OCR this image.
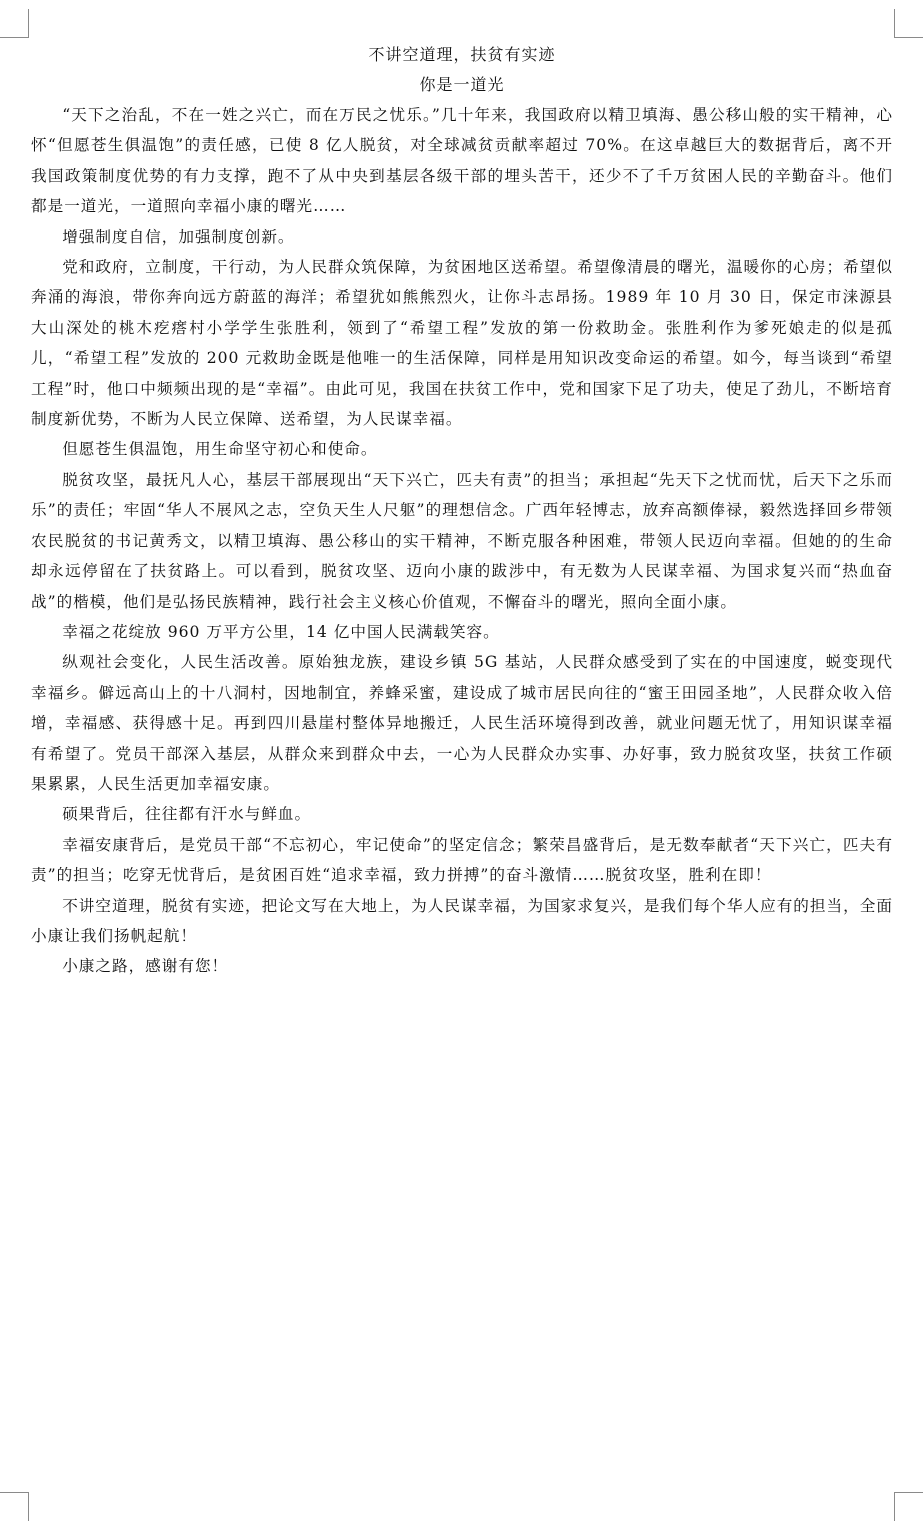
不讲空道理，扶贫有实迹

你是一道光

“天下之治乱，不在一姓之兴亡，而在万民之忧乐。”几十年来，我国政府以精卫填海、愚公移山般的实干精神，心怀“但愿苍生俱温饱”的责任感，已使 8 亿人脱贫，对全球减贫贡献率超过 70%。在这卓越巨大的数据背后，离不开我国政策制度优势的有力支撑，跑不了从中央到基层各级干部的埋头苦干，还少不了千万贫困人民的辛勤奋斗。他们都是一道光，一道照向幸福小康的曙光……

增强制度自信，加强制度创新。

党和政府，立制度，干行动，为人民群众筑保障，为贫困地区送希望。希望像清晨的曙光，温暖你的心房；希望似奔涌的海浪，带你奔向远方蔚蓝的海洋；希望犹如熊熊烈火，让你斗志昂扬。1989 年 10 月 30 日，保定市涞源县大山深处的桃木疙瘩村小学学生张胜利，领到了“希望工程”发放的第一份救助金。张胜利作为爹死娘走的似是孤儿，“希望工程”发放的 200 元救助金既是他唯一的生活保障，同样是用知识改变命运的希望。如今，每当谈到“希望工程”时，他口中频频出现的是“幸福”。由此可见，我国在扶贫工作中，党和国家下足了功夫，使足了劲儿，不断培育制度新优势，不断为人民立保障、送希望，为人民谋幸福。

但愿苍生俱温饱，用生命坚守初心和使命。

脱贫攻坚，最抚凡人心，基层干部展现出“天下兴亡，匹夫有责”的担当；承担起“先天下之忧而忧，后天下之乐而乐”的责任；牢固“华人不展风之志，空负天生人尺躯”的理想信念。广西年轻博志，放弃高额俸禄，毅然选择回乡带领农民脱贫的书记黄秀文，以精卫填海、愚公移山的实干精神，不断克服各种困难，带领人民迈向幸福。但她的的生命却永远停留在了扶贫路上。可以看到，脱贫攻坚、迈向小康的跋涉中，有无数为人民谋幸福、为国求复兴而“热血奋战”的楷模，他们是弘扬民族精神，践行社会主义核心价值观，不懈奋斗的曙光，照向全面小康。

幸福之花绽放 960 万平方公里，14 亿中国人民满载笑容。

纵观社会变化，人民生活改善。原始独龙族，建设乡镇 5G 基站，人民群众感受到了实在的中国速度，蜕变现代幸福乡。僻远高山上的十八洞村，因地制宜，养蜂采蜜，建设成了城市居民向往的“蜜王田园圣地”，人民群众收入倍增，幸福感、获得感十足。再到四川悬崖村整体异地搬迁，人民生活环境得到改善，就业问题无忧了，用知识谋幸福有希望了。党员干部深入基层，从群众来到群众中去，一心为人民群众办实事、办好事，致力脱贫攻坚，扶贫工作硕果累累，人民生活更加幸福安康。

硕果背后，往往都有汗水与鲜血。

幸福安康背后，是党员干部“不忘初心，牢记使命”的坚定信念；繁荣昌盛背后，是无数奉献者“天下兴亡，匹夫有责”的担当；吃穿无忧背后，是贫困百姓“追求幸福，致力拼搏”的奋斗激情……脱贫攻坚，胜利在即！

不讲空道理，脱贫有实迹，把论文写在大地上，为人民谋幸福，为国家求复兴，是我们每个华人应有的担当，全面小康让我们扬帆起航！

小康之路，感谢有您！
